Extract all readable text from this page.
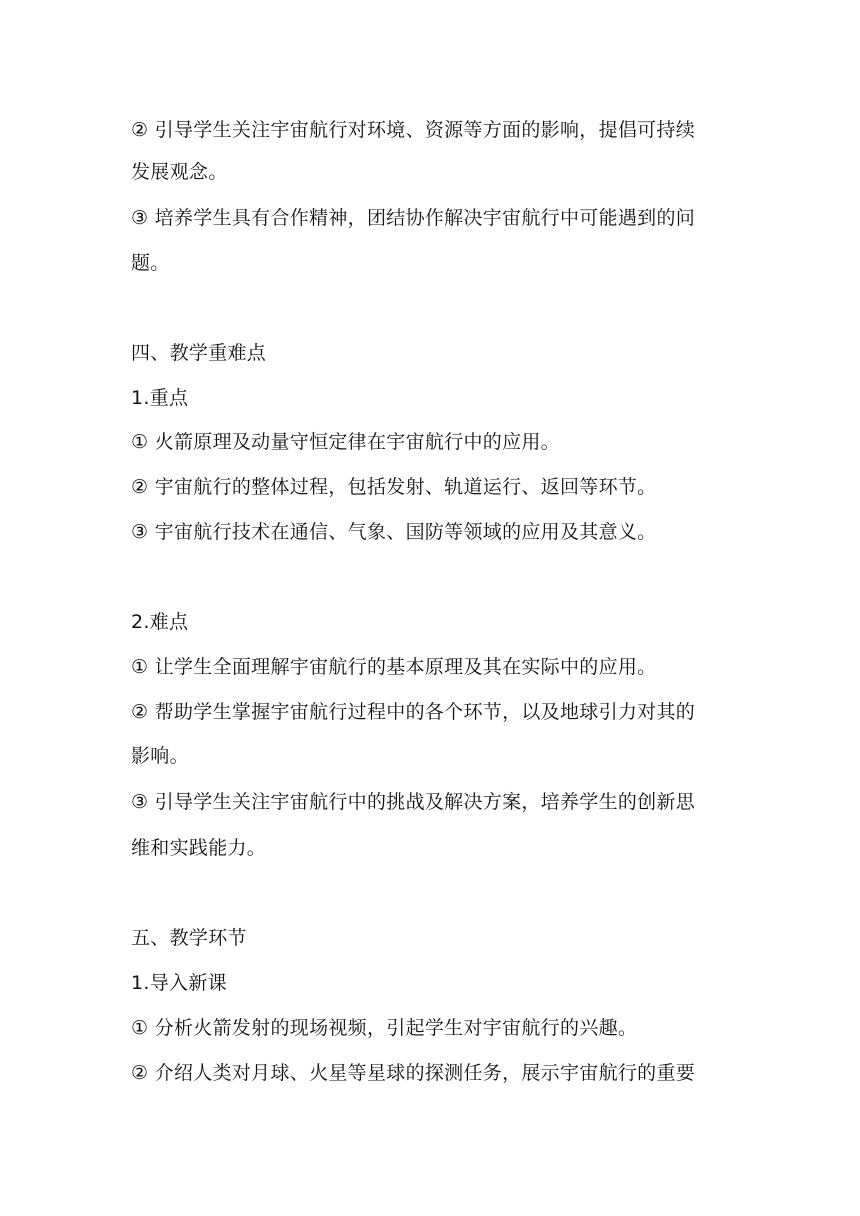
② 引导学生关注宇宙航行对环境、资源等方面的影响，提倡可持续
发展观念。
③ 培养学生具有合作精神，团结协作解决宇宙航行中可能遇到的问
题。
四、教学重难点
1.重点
① 火箭原理及动量守恒定律在宇宙航行中的应用。
② 宇宙航行的整体过程，包括发射、轨道运行、返回等环节。
③ 宇宙航行技术在通信、气象、国防等领域的应用及其意义。
2.难点
① 让学生全面理解宇宙航行的基本原理及其在实际中的应用。
② 帮助学生掌握宇宙航行过程中的各个环节，以及地球引力对其的
影响。
③ 引导学生关注宇宙航行中的挑战及解决方案，培养学生的创新思
维和实践能力。
五、教学环节
1.导入新课
① 分析火箭发射的现场视频，引起学生对宇宙航行的兴趣。
② 介绍人类对月球、火星等星球的探测任务，展示宇宙航行的重要
